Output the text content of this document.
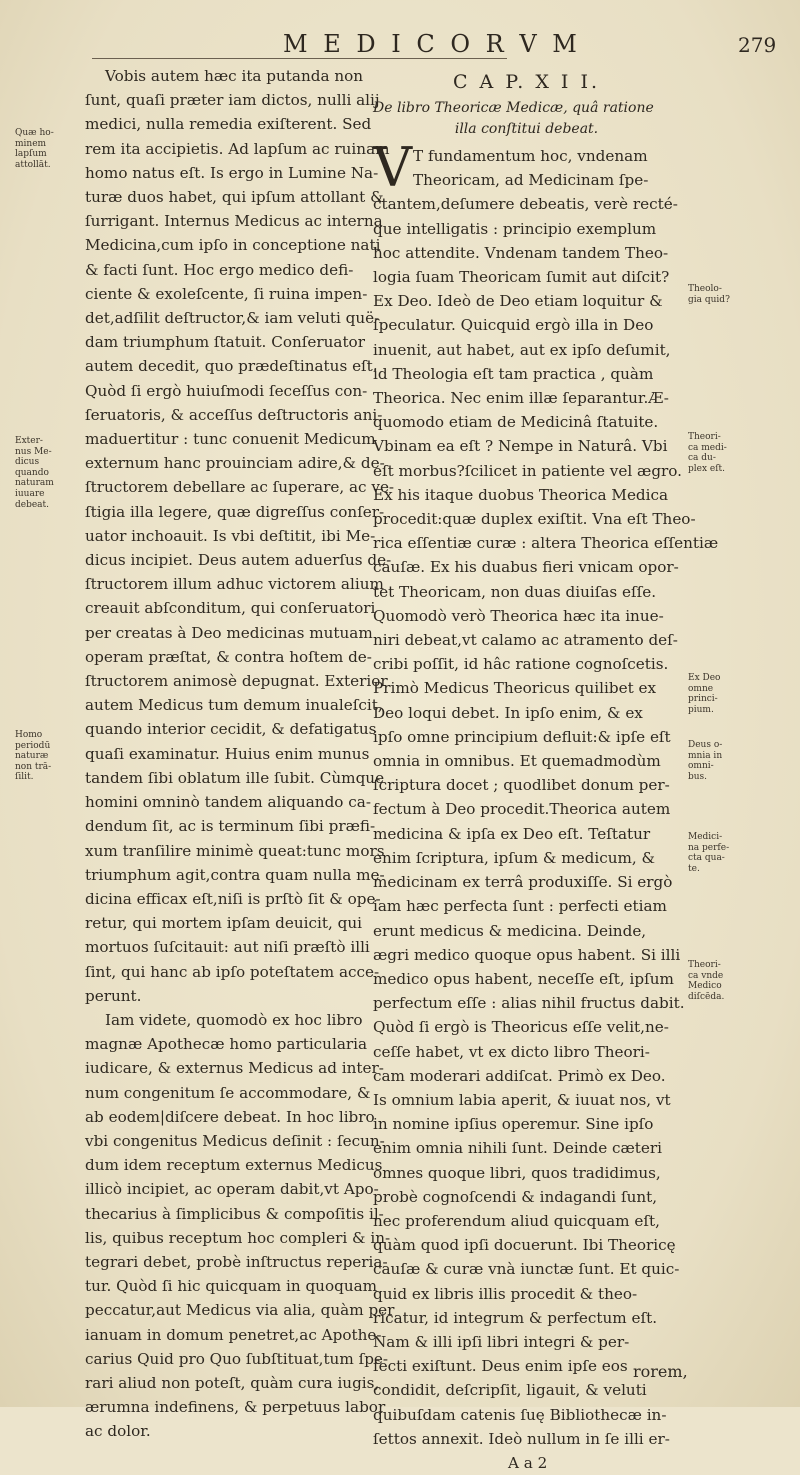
M E D I C O R V M	279
Vobis autem hæc ita putanda non
ſunt, quaſi præter iam dictos, nulli alij
medici, nulla remedia exiſterent. Sed
rem ita accipietis. Ad lapſum ac ruinam
homo natus eſt. Is ergo in Lumine Na-
turæ duos habet, qui ipſum attollant &
ſurrigant. Internus Medicus ac interna
Medicina,cum ipſo in conceptione nati
& facti ſunt. Hoc ergo medico defi-
ciente & exoleſcente, ſi ruina impen-
det,adſilit deſtructor,& iam veluti quë-
dam triumphum ſtatuit. Conſeruator
autem decedit, quo prædeſtinatus eſt.
Quòd ſi ergò huiuſmodi ſeceſſus con-
ſeruatoris, & acceſſus deſtructoris ani-
maduertitur : tunc conuenit Medicum
externum hanc prouinciam adire,& de-
ſtructorem debellare ac ſuperare, ac ve-
ſtigia illa legere, quæ digreſſus conſer-
uator inchoauit. Is vbi deſtitit, ibi Me-
dicus incipiet. Deus autem aduerſus de-
ſtructorem illum adhuc victorem alium
creauit abſconditum, qui conſeruatori
per creatas à Deo medicinas mutuam
operam præſtat, & contra hoſtem de-
ſtructorem animosè depugnat. Exterior
autem Medicus tum demum inualeſcit,
quando interior cecidit, & defatigatus
quaſi examinatur. Huius enim munus
tandem ſibi oblatum ille ſubit. Cùmque
homini omninò tandem aliquando ca-
dendum ſit, ac is terminum ſibi præfi-
xum tranſilire minimè queat:tunc mors
triumphum agit,contra quam nulla me-
dicina efficax eſt,niſi is prſtò ſit & ope-
retur, qui mortem ipſam deuicit, qui
mortuos ſuſcitauit: aut niſi præſtò illi
ſint, qui hanc ab ipſo poteſtatem acce-
perunt.
Iam videte, quomodò ex hoc libro
magnæ Apothecæ homo particularia
iudicare, & externus Medicus ad inter-
num congenitum ſe accommodare, &
ab eodem|diſcere debeat. In hoc libro
vbi congenitus Medicus deſinit : ſecun-
dum idem receptum externus Medicus
illicò incipiet, ac operam dabit,vt Apo-
thecarius à ſimplicibus & compoſitis il-
lis, quibus receptum hoc compleri & in-
tegrari debet, probè inſtructus reperia-
tur. Quòd ſi hic quicquam in quoquam
peccatur,aut Medicus via alia, quàm per
ianuam in domum penetret,ac Apothe-
carius Quid pro Quo ſubſtituat,tum ſpe-
rari aliud non poteſt, quàm cura iugis,
ærumna indefinens, & perpetuus labor
ac dolor.
C A P. X I I.
De libro Theoricæ Medicæ, quâ ratione
illa conſtitui debeat.
V T fundamentum hoc, vndenam
Theoricam, ad Medicinam ſpe-
ctantem,deſumere debeatis, verè recté-
que intelligatis : principio exemplum
hoc attendite. Vndenam tandem Theo-
logia ſuam Theoricam ſumit aut diſcit?
Ex Deo. Ideò de Deo etiam loquitur &
ſpeculatur. Quicquid ergò illa in Deo
inuenit, aut habet, aut ex ipſo deſumit,
id Theologia eſt tam practica , quàm
Theorica. Nec enim illæ ſeparantur.Æ-
quomodo etiam de Medicinâ ſtatuite.
Vbinam ea eſt ? Nempe in Naturâ. Vbi
eſt morbus?ſcilicet in patiente vel ægro.
Ex his itaque duobus Theorica Medica
procedit:quæ duplex exiſtit. Vna eſt Theo-
rica eſſentiæ curæ : altera Theorica eſſentiæ
cauſæ. Ex his duabus fieri vnicam opor-
tet Theoricam, non duas diuiſas eſſe.
Quomodò verò Theorica hæc ita inue-
niri debeat,vt calamo ac atramento deſ-
cribi poſſit, id hâc ratione cognoſcetis.
Primò Medicus Theoricus quilibet ex
Deo loqui debet. In ipſo enim, & ex
ipſo omne principium defluit:& ipſe eſt
omnia in omnibus. Et quemadmodùm
ſcriptura docet ; quodlibet donum per-
fectum à Deo procedit.Theorica autem
medicina & ipſa ex Deo eſt. Teſtatur
enim ſcriptura, ipſum & medicum, &
medicinam ex terrâ produxiſſe. Si ergò
iam hæc perfecta ſunt : perfecti etiam
erunt medicus & medicina. Deinde,
ægri medico quoque opus habent. Si illi
medico opus habent, neceſſe eſt, ipſum
perfectum eſſe : alias nihil fructus dabit.
Quòd ſi ergò is Theoricus eſſe velit,ne-
ceſſe habet, vt ex dicto libro Theori-
cam moderari addiſcat. Primò ex Deo.
Is omnium labia aperit, & iuuat nos, vt
in nomine ipſius operemur. Sine ipſo
enim omnia nihili ſunt. Deinde cæteri
omnes quoque libri, quos tradidimus,
probè cognoſcendi & indagandi ſunt,
nec proferendum aliud quicquam eſt,
quàm quod ipſi docuerunt. Ibi Theoricę
cauſæ & curæ vnà iunctæ ſunt. Et quic-
quid ex libris illis procedit & theo-
ricatur, id integrum & perfectum eſt.
Nam & illi ipſi libri integri & per-
fecti exiſtunt. Deus enim ipſe eos
condidit, deſcripſit, ligauit, & veluti
quibuſdam catenis ſuę Bibliothecæ in-
ſettos annexit. Ideò nullum in ſe illi er-
A a 2
rorem,
Quæ ho-
minem
lapſum
attollāt.
Exter-
nus Me-
dicus
quando
naturam
iuuare
debeat.
Homo
periodū
naturæ
non trā-
ſilit.
Theolo-
gia quid?
Theori-
ca medi-
ca du-
plex eſt.
Ex Deo
omne
princi-
pium.
Deus o-
mnia in
omni-
bus.
Medici-
na perfe-
cta qua-
te.
Theori-
ca vnde
Medico
diſcēda.
